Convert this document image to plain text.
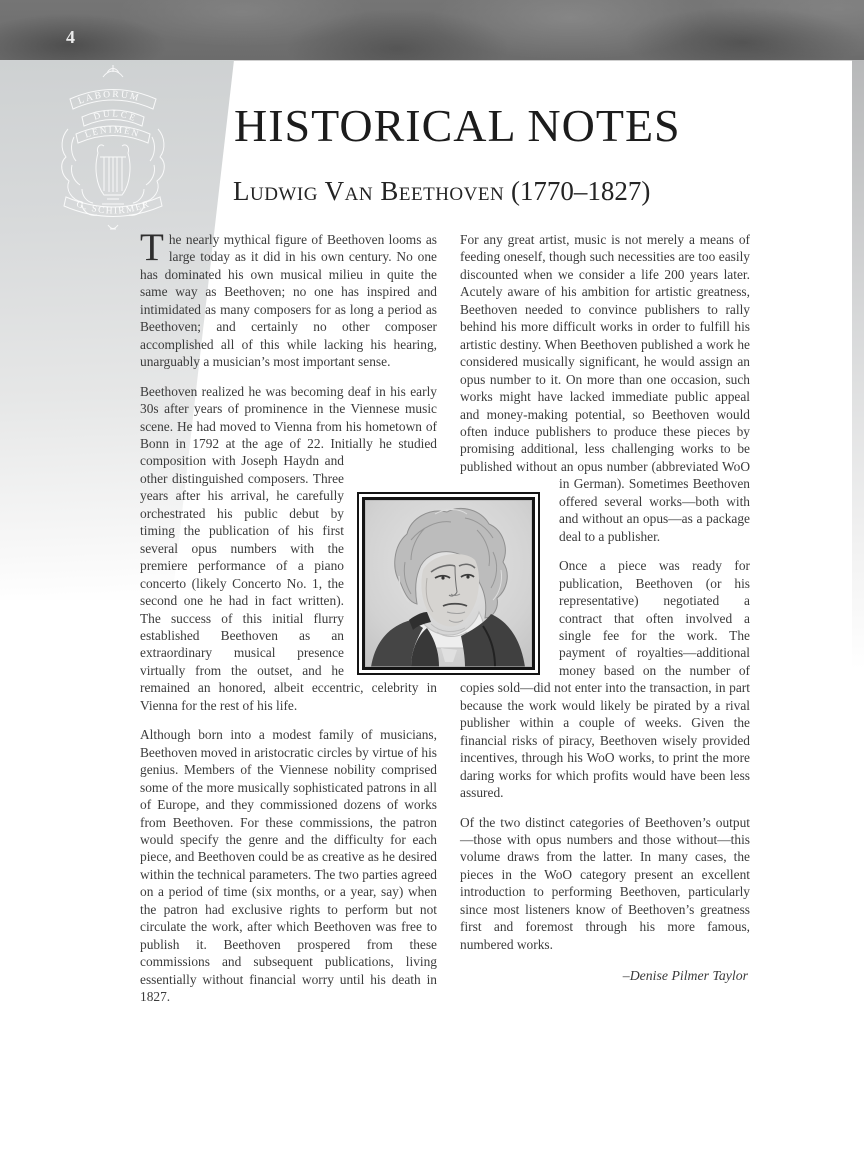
4
LABORUM
DULCE
LENIMEN
G. SCHIRMER
HISTORICAL NOTES
Ludwig Van Beethoven (1770–1827)

The nearly mythical figure of Beethoven looms as large today as it did in his own century. No one has dominated his own musical milieu in quite the same way as Beethoven; no one has inspired and intimidated as many composers for as long a period as Beethoven; and certainly no other composer accomplished all of this while lacking his hearing, unarguably a musician’s most important sense.

Beethoven realized he was becoming deaf in his early 30s after years of prominence in the Viennese music scene. He had moved to Vienna from his hometown of Bonn in 1792 at the age of 22. Initially he studied
composition with Joseph Haydn and other distinguished composers. Three years after his arrival, he carefully orchestrated his public debut by timing the publication of his first several opus numbers with the premiere performance of a piano concerto (likely Concerto No. 1, the second one he had in fact written). The success of this initial flurry established Beethoven as an extraordinary musical presence virtually from the outset, and he remained an honored, albeit eccentric, celebrity in Vienna for the rest of his life.

Although born into a modest family of musicians, Beethoven moved in aristocratic circles by virtue of his genius. Members of the Viennese nobility comprised some of the more musically sophisticated patrons in all of Europe, and they commissioned dozens of works from Beethoven. For these commissions, the patron would specify the genre and the difficulty for each piece, and Beethoven could be as creative as he desired within the technical parameters. The two parties agreed on a period of time (six months, or a year, say) when the patron had exclusive rights to perform but not circulate the work, after which Beethoven was free to publish it. Beethoven prospered from these commissions and subsequent publications, living essentially without financial worry until his death in 1827.

For any great artist, music is not merely a means of feeding oneself, though such necessities are too easily discounted when we consider a life 200 years later. Acutely aware of his ambition for artistic greatness, Beethoven needed to convince publishers to rally behind his more difficult works in order to fulfill his artistic destiny. When Beethoven published a work he considered musically significant, he would assign an opus number to it. On more than one occasion, such works might have lacked immediate public appeal and money-making potential, so Beethoven would often induce publishers to produce these pieces by promising additional, less challenging works to be published without an opus number (abbreviated WoO
in German). Sometimes Beethoven offered several works—both with and without an opus—as a package deal to a publisher.

Once a piece was ready for publication, Beethoven (or his representative) negotiated a contract that often involved a single fee for the work. The payment of royalties—additional money based on the number of copies sold—did not enter into the transaction, in part because the work would likely be pirated by a rival publisher within a couple of weeks. Given the financial risks of piracy, Beethoven wisely provided incentives, through his WoO works, to print the more daring works for which profits would have been less assured.

Of the two distinct categories of Beethoven’s output—those with opus numbers and those without—this volume draws from the latter. In many cases, the pieces in the WoO category present an excellent introduction to performing Beethoven, particularly since most listeners know of Beethoven’s greatness first and foremost through his more famous, numbered works.

–Denise Pilmer Taylor
